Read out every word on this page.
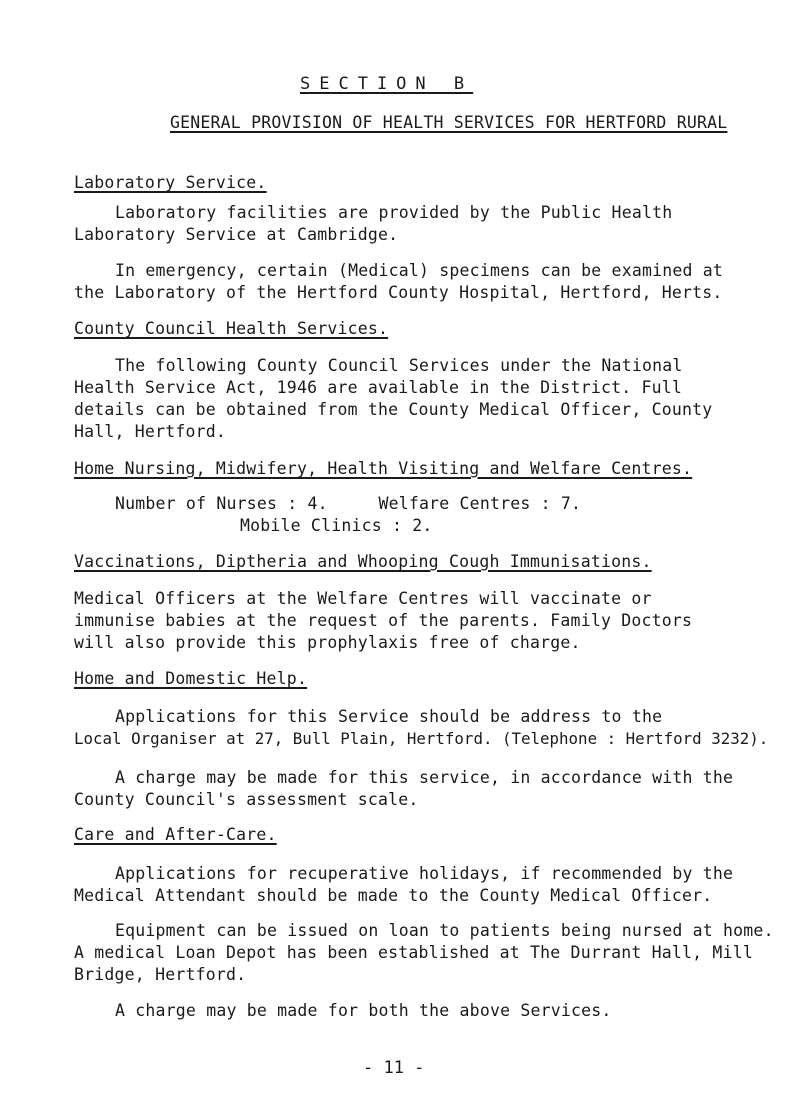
SECTION B
GENERAL PROVISION OF HEALTH SERVICES FOR HERTFORD RURAL
Laboratory Service.
Laboratory facilities are provided by the Public Health
Laboratory Service at Cambridge.
In emergency, certain (Medical) specimens can be examined at
the Laboratory of the Hertford County Hospital, Hertford, Herts.
County Council Health Services.
The following County Council Services under the National
Health Service Act, 1946 are available in the District. Full
details can be obtained from the County Medical Officer, County
Hall, Hertford.
Home Nursing, Midwifery, Health Visiting and Welfare Centres.
Number of Nurses : 4.     Welfare Centres : 7.
Mobile Clinics : 2.
Vaccinations, Diptheria and Whooping Cough Immunisations.
Medical Officers at the Welfare Centres will vaccinate or
immunise babies at the request of the parents. Family Doctors
will also provide this prophylaxis free of charge.
Home and Domestic Help.
Applications for this Service should be address to the
Local Organiser at 27, Bull Plain, Hertford. (Telephone : Hertford 3232).
A charge may be made for this service, in accordance with the
County Council's assessment scale.
Care and After-Care.
Applications for recuperative holidays, if recommended by the
Medical Attendant should be made to the County Medical Officer.
Equipment can be issued on loan to patients being nursed at home.
A medical Loan Depot has been established at The Durrant Hall, Mill
Bridge, Hertford.
A charge may be made for both the above Services.
- 11 -
